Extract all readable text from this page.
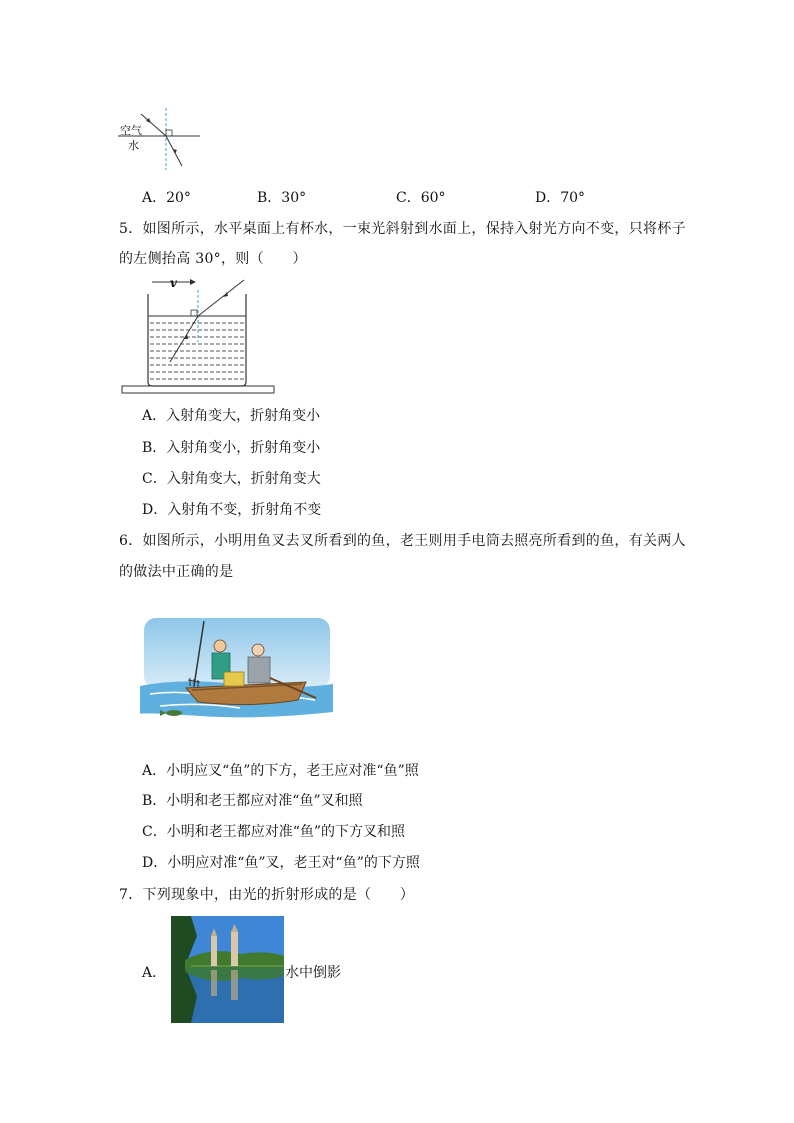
空气
水
A．20°	B．30°	C．60°	D．70°
5．如图所示，水平桌面上有杯水，一束光斜射到水面上，保持入射光方向不变，只将杯子
的左侧抬高 30°，则（　　）
v
A．入射角变大，折射角变小
B．入射角变小，折射角变小
C．入射角变大，折射角变大
D．入射角不变，折射角不变
6．如图所示，小明用鱼叉去叉所看到的鱼，老王则用手电筒去照亮所看到的鱼，有关两人
的做法中正确的是
A．小明应叉“鱼”的下方，老王应对准“鱼”照
B．小明和老王都应对准“鱼”叉和照
C．小明和老王都应对准“鱼”的下方叉和照
D．小明应对准“鱼”叉，老王对“鱼”的下方照
7．下列现象中，由光的折射形成的是（　　）
A．	水中倒影
